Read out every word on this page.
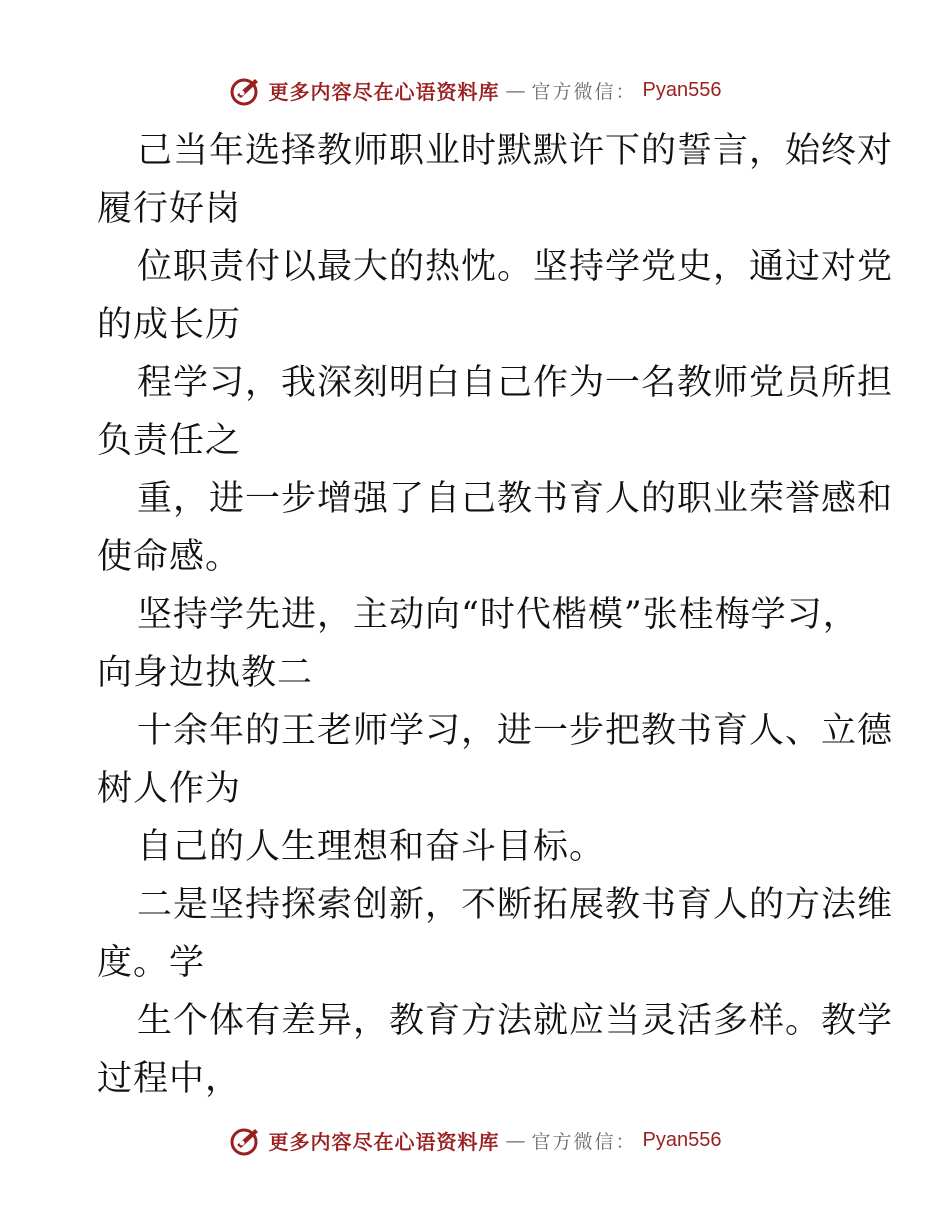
更多内容尽在心语资料库 — 官方微信： Pyan556
己当年选择教师职业时默默许下的誓言，始终对
履行好岗
位职责付以最大的热忱。坚持学党史，通过对党
的成长历
程学习，我深刻明白自己作为一名教师党员所担
负责任之
重，进一步增强了自己教书育人的职业荣誉感和
使命感。
坚持学先进，主动向“时代楷模”张桂梅学习，
向身边执教二
十余年的王老师学习，进一步把教书育人、立德
树人作为
自己的人生理想和奋斗目标。
二是坚持探索创新，不断拓展教书育人的方法维
度。学
生个体有差异，教育方法就应当灵活多样。教学
过程中，
更多内容尽在心语资料库 — 官方微信： Pyan556
